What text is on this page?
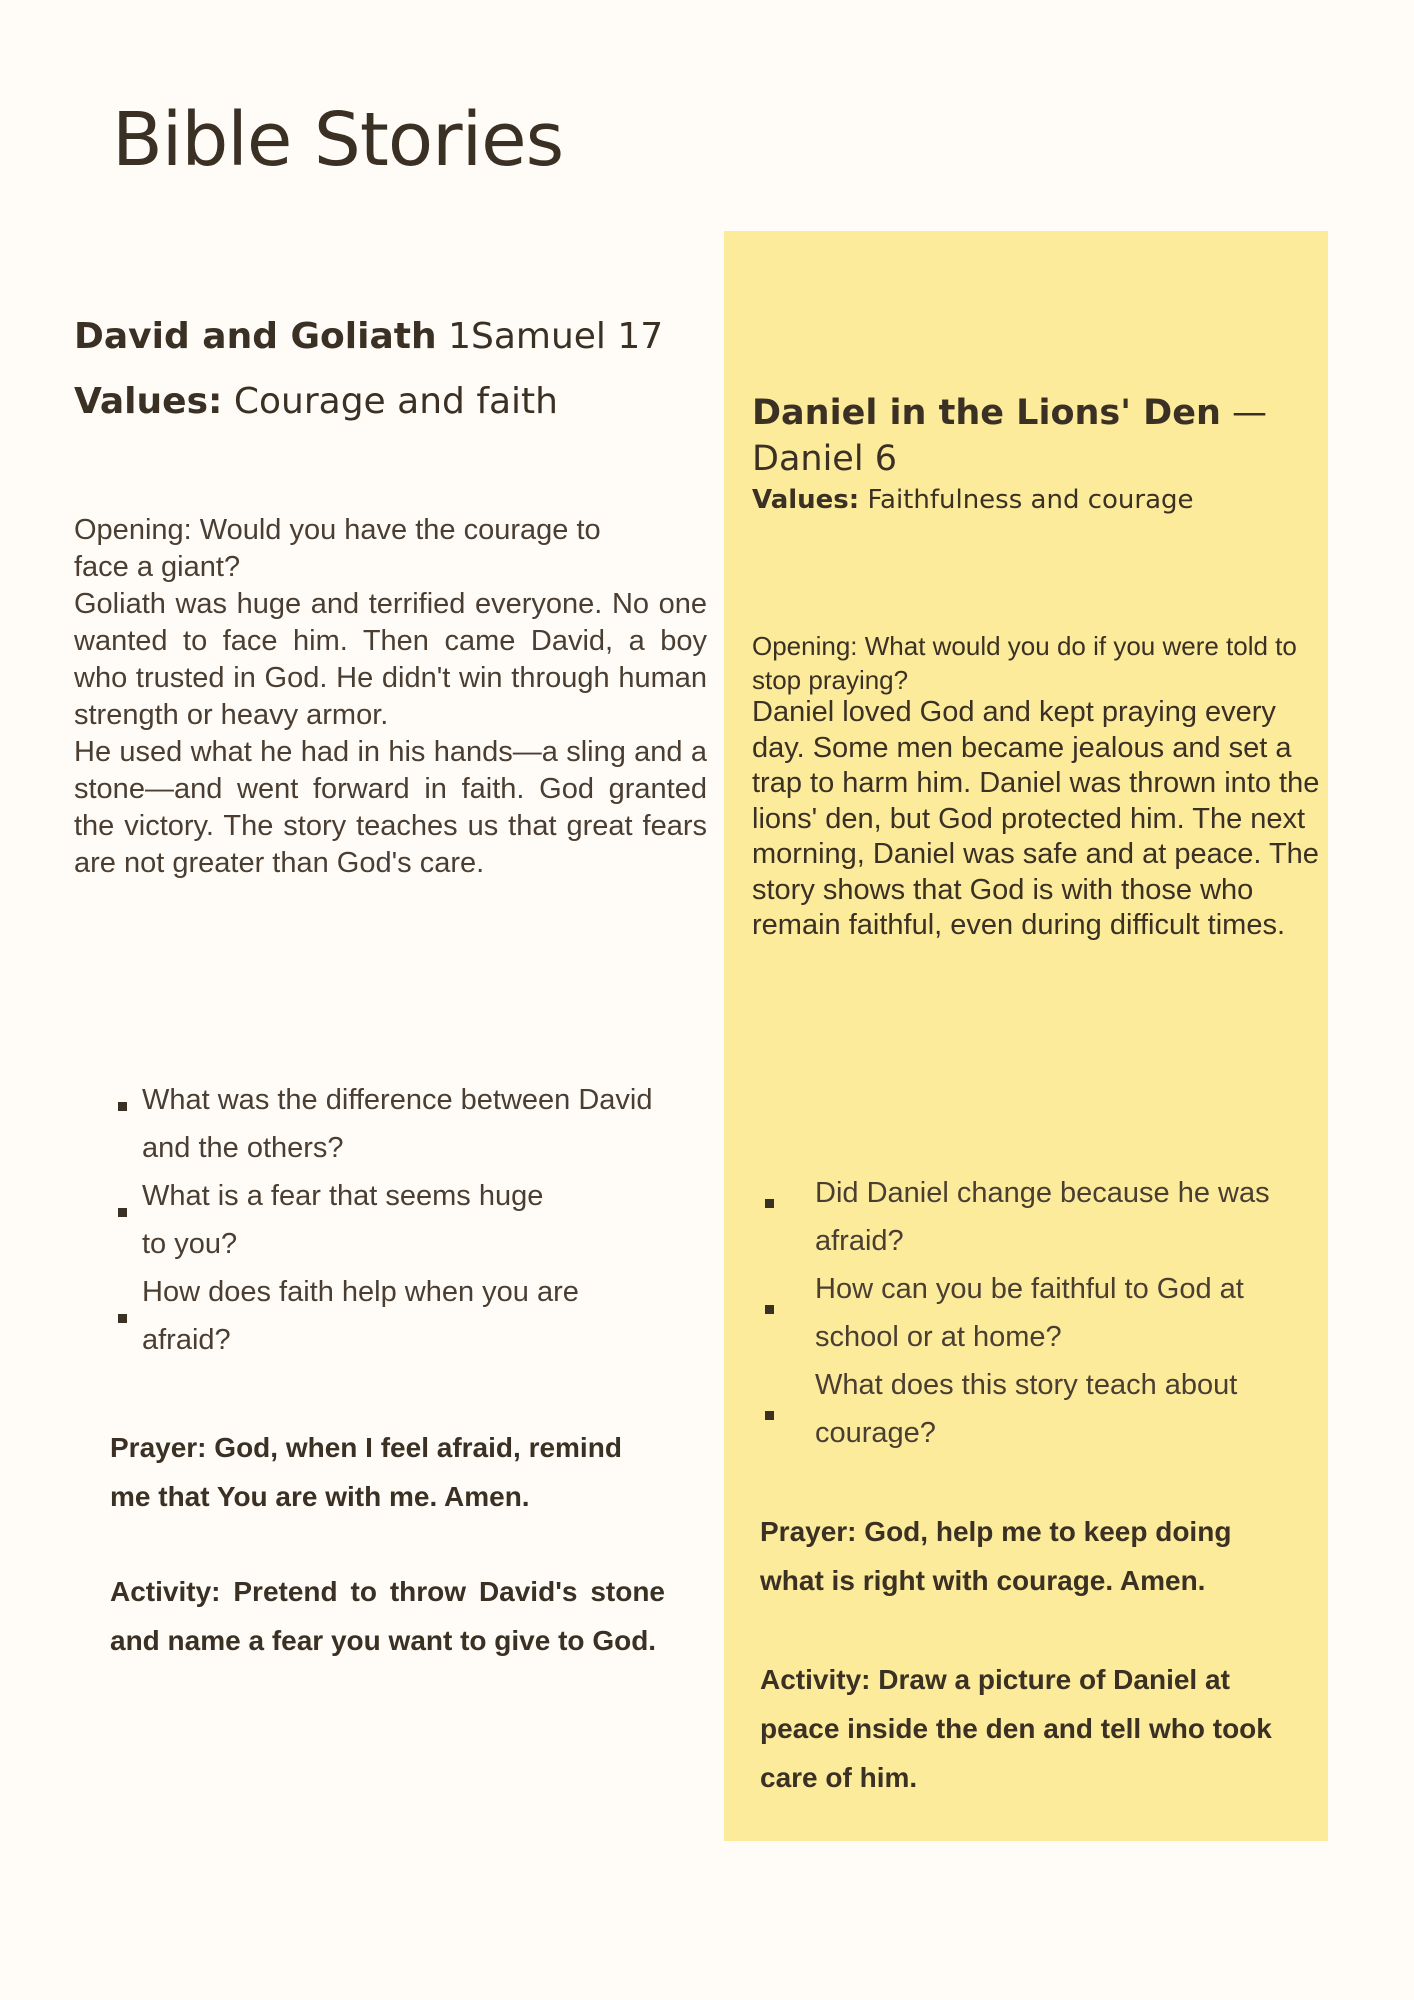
Bible Stories
David and Goliath 1Samuel 17
Values: Courage and faith
Opening: Would you have the courage to face a giant?

Goliath was huge and terrified everyone. No one wanted to face him. Then came David, a boy who trusted in God. He didn't win through human strength or heavy armor.

He used what he had in his hands—a sling and a stone—and went forward in faith. God granted the victory. The story teaches us that great fears are not greater than God's care.

What was the difference between David and the others?
What is a fear that seems huge to you?
How does faith help when you are afraid?
Prayer: God, when I feel afraid, remind me that You are with me. Amen.
Activity: Pretend to throw David's stone and name a fear you want to give to God.
Daniel in the Lions' Den — Daniel 6
Values: Faithfulness and courage
Opening: What would you do if you were told to stop praying?
Daniel loved God and kept praying every day. Some men became jealous and set a trap to harm him. Daniel was thrown into the lions' den, but God protected him. The next morning, Daniel was safe and at peace. The story shows that God is with those who remain faithful, even during difficult times.
Did Daniel change because he was afraid?
How can you be faithful to God at school or at home?
What does this story teach about courage?
Prayer: God, help me to keep doing what is right with courage. Amen.
Activity: Draw a picture of Daniel at peace inside the den and tell who took care of him.
